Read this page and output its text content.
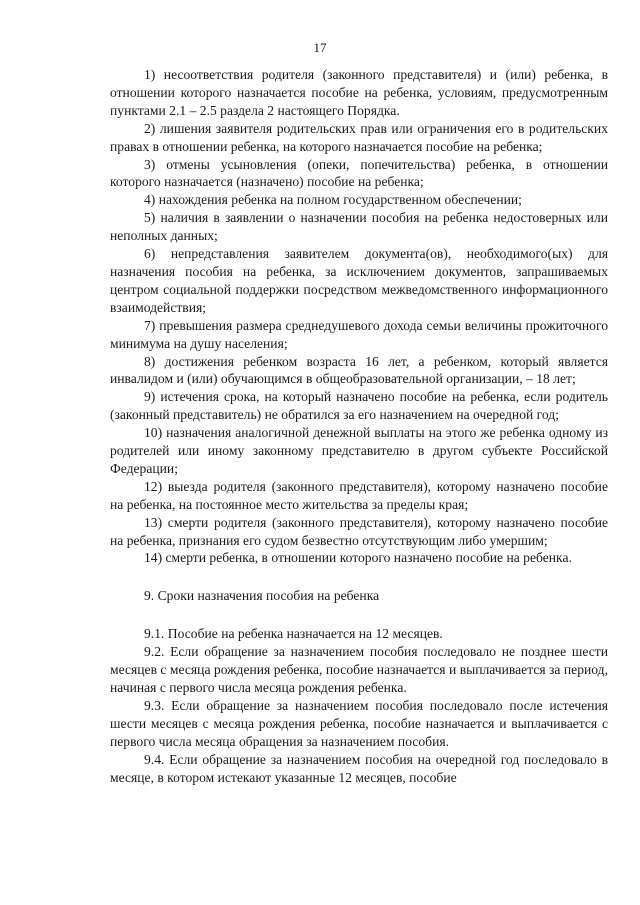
17

1) несоответствия родителя (законного представителя) и (или) ребенка, в отношении которого назначается пособие на ребенка, условиям, предусмотренным пунктами 2.1 – 2.5 раздела 2 настоящего Порядка.

2) лишения заявителя родительских прав или ограничения его в родительских правах в отношении ребенка, на которого назначается пособие на ребенка;

3) отмены усыновления (опеки, попечительства) ребенка, в отношении которого назначается (назначено) пособие на ребенка;

4) нахождения ребенка на полном государственном обеспечении;

5) наличия в заявлении о назначении пособия на ребенка недостоверных или неполных данных;

6) непредставления заявителем документа(ов), необходимого(ых) для назначения пособия на ребенка, за исключением документов, запрашиваемых центром социальной поддержки посредством межведомственного информационного взаимодействия;

7) превышения размера среднедушевого дохода семьи величины прожиточного минимума на душу населения;

8) достижения ребенком возраста 16 лет, а ребенком, который является инвалидом и (или) обучающимся в общеобразовательной организации, – 18 лет;

9) истечения срока, на который назначено пособие на ребенка, если родитель (законный представитель) не обратился за его назначением на очередной год;

10) назначения аналогичной денежной выплаты на этого же ребенка одному из родителей или иному законному представителю в другом субъекте Российской Федерации;

12) выезда родителя (законного представителя), которому назначено пособие на ребенка, на постоянное место жительства за пределы края;

13) смерти родителя (законного представителя), которому назначено пособие на ребенка, признания его судом безвестно отсутствующим либо умершим;

14) смерти ребенка, в отношении которого назначено пособие на ребенка.

9. Сроки назначения пособия на ребенка

9.1. Пособие на ребенка назначается на 12 месяцев.

9.2. Если обращение за назначением пособия последовало не позднее шести месяцев с месяца рождения ребенка, пособие назначается и выплачивается за период, начиная с первого числа месяца рождения ребенка.

9.3. Если обращение за назначением пособия последовало после истечения шести месяцев с месяца рождения ребенка, пособие назначается и выплачивается с первого числа месяца обращения за назначением пособия.

9.4. Если обращение за назначением пособия на очередной год последовало в месяце, в котором истекают указанные 12 месяцев, пособие
